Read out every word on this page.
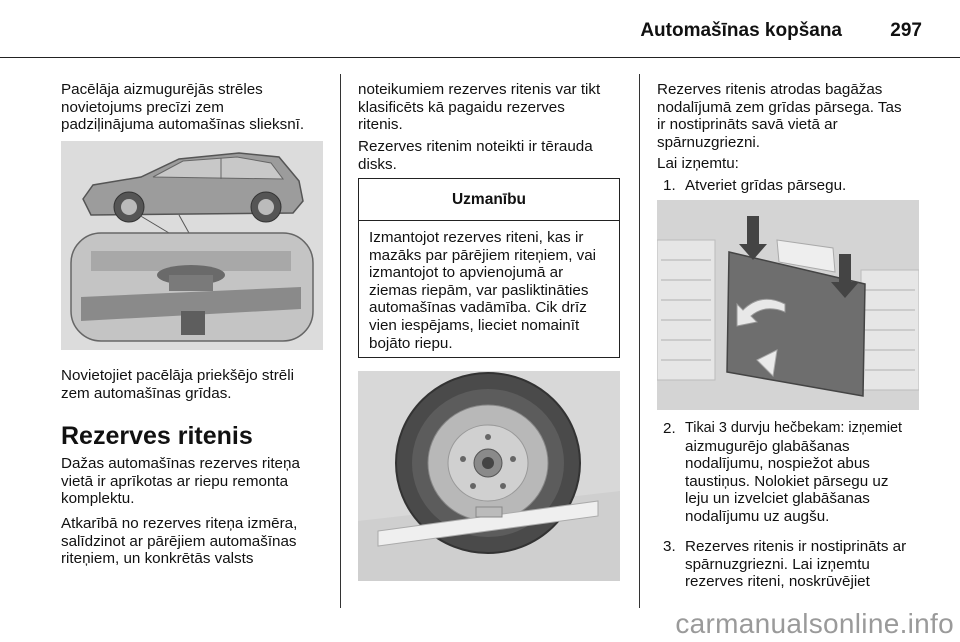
Automašīnas kopšana	297

Pacēlāja aizmugurējās strēles

novietojums precīzi zem

padziļinājuma automašīnas slieksnī.

Novietojiet pacēlāja priekšējo strēli

zem automašīnas grīdas.

Rezerves ritenis

Dažas automašīnas rezerves riteņa

vietā ir aprīkotas ar riepu remonta

komplektu.

Atkarībā no rezerves riteņa izmēra,

salīdzinot ar pārējiem automašīnas

riteņiem, un konkrētās valsts

noteikumiem rezerves ritenis var tikt

klasificēts kā pagaidu rezerves

ritenis.

Rezerves ritenim noteikti ir tērauda

disks.

Uzmanību

Izmantojot rezerves riteni, kas ir

mazāks par pārējiem riteņiem, vai

izmantojot to apvienojumā ar

ziemas riepām, var pasliktināties

automašīnas vadāmība. Cik drīz

vien iespējams, lieciet nomainīt

bojāto riepu.

Rezerves ritenis atrodas bagāžas

nodalījumā zem grīdas pārsega. Tas

ir nostiprināts savā vietā ar

spārnuzgriezni.

Lai izņemtu:
1. Atveriet grīdas pārsegu.
2. Tikai 3 durvju hečbekam: izņemiet

aizmugurējo glabāšanas

nodalījumu, nospiežot abus

taustiņus. Nolokiet pārsegu uz

leju un izvelciet glabāšanas

nodalījumu uz augšu.

3. Rezerves ritenis ir nostiprināts ar

spārnuzgriezni. Lai izņemtu

rezerves riteni, noskrūvējiet

carmanualsonline.info
